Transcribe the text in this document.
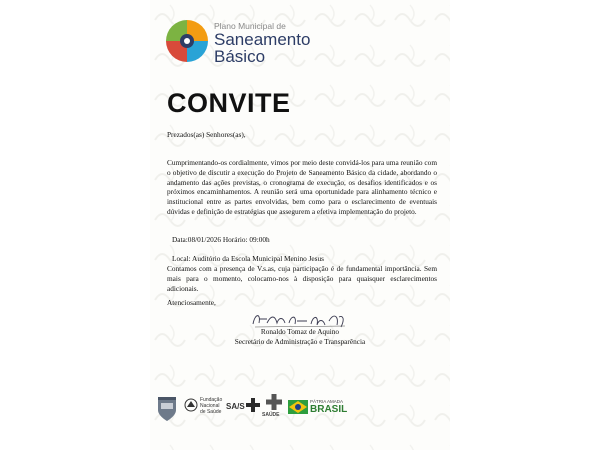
Plano Municipal de
Saneamento
Básico
CONVITE
Prezados(as) Senhores(as),
Cumprimentando-os cordialmente, vimos por meio deste convidá-los para uma reunião com o objetivo de discutir a execução do Projeto de Saneamento Básico da cidade, abordando o andamento das ações previstas, o cronograma de execução, os desafios identificados e os próximos encaminhamentos. A reunião será uma oportunidade para alinhamento técnico e institucional entre as partes envolvidas, bem como para o esclarecimento de eventuais dúvidas e definição de estratégias que assegurem a efetiva implementação do projeto.
Data:08/01/2026 Horário: 09:00h
Local: Auditório da Escola Municipal Menino Jesus
Contamos com a presença de V.s.as, cuja participação é de fundamental importância. Sem mais para o momento, colocamo-nos à disposição para quaisquer esclarecimentos adicionais.
Atenciosamente,
Ronaldo Tomaz de Aquino
Secretário de Administração e Transparência
Fundação
Nacional
de Saúde
SA/S
SAÚDE
PÁTRIA AMADA
BRASIL
